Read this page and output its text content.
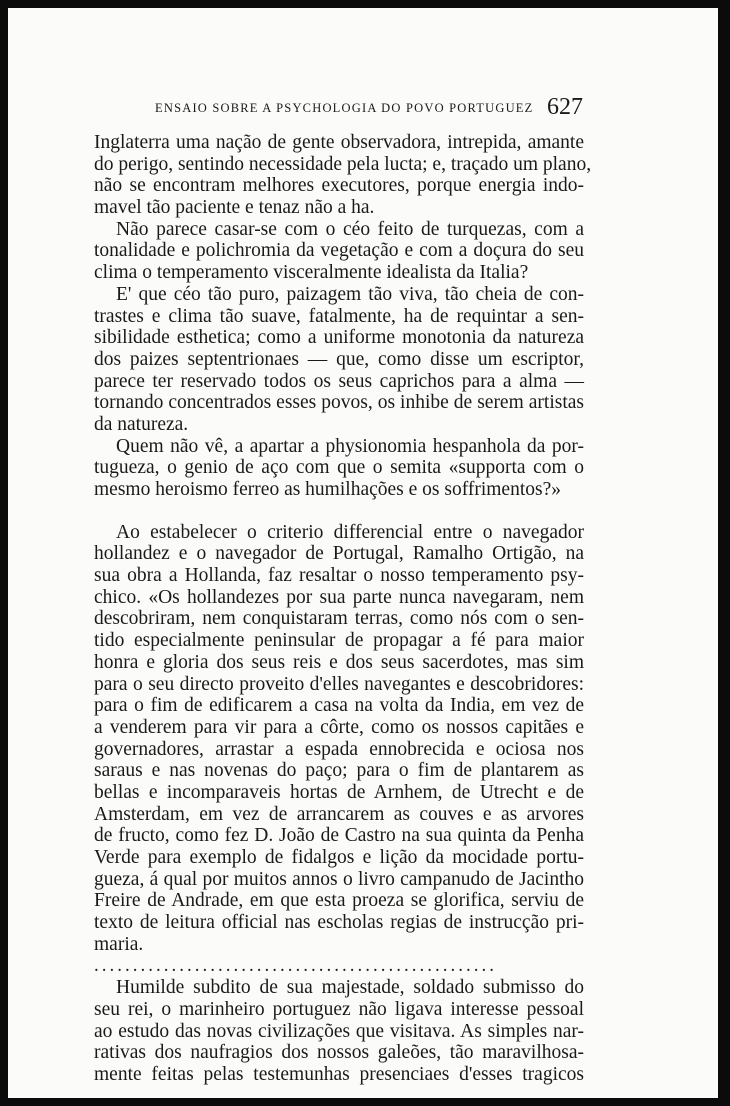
ENSAIO SOBRE A PSYCHOLOGIA DO POVO PORTUGUEZ 627
Inglaterra uma nação de gente observadora, intrepida, amante
do perigo, sentindo necessidade pela lucta; e, traçado um plano,
não se encontram melhores executores, porque energia indo-
mavel tão paciente e tenaz não a ha.
Não parece casar-se com o céo feito de turquezas, com a
tonalidade e polichromia da vegetação e com a doçura do seu
clima o temperamento visceralmente idealista da Italia?
E' que céo tão puro, paizagem tão viva, tão cheia de con-
trastes e clima tão suave, fatalmente, ha de requintar a sen-
sibilidade esthetica; como a uniforme monotonia da natureza
dos paizes septentrionaes — que, como disse um escriptor,
parece ter reservado todos os seus caprichos para a alma —
tornando concentrados esses povos, os inhibe de serem artistas
da natureza.
Quem não vê, a apartar a physionomia hespanhola da por-
tugueza, o genio de aço com que o semita «supporta com o
mesmo heroismo ferreo as humilhações e os soffrimentos?»
Ao estabelecer o criterio differencial entre o navegador
hollandez e o navegador de Portugal, Ramalho Ortigão, na
sua obra a Hollanda, faz resaltar o nosso temperamento psy-
chico. «Os hollandezes por sua parte nunca navegaram, nem
descobriram, nem conquistaram terras, como nós com o sen-
tido especialmente peninsular de propagar a fé para maior
honra e gloria dos seus reis e dos seus sacerdotes, mas sim
para o seu directo proveito d'elles navegantes e descobridores:
para o fim de edificarem a casa na volta da India, em vez de
a venderem para vir para a côrte, como os nossos capitães e
governadores, arrastar a espada ennobrecida e ociosa nos
saraus e nas novenas do paço; para o fim de plantarem as
bellas e incomparaveis hortas de Arnhem, de Utrecht e de
Amsterdam, em vez de arrancarem as couves e as arvores
de fructo, como fez D. João de Castro na sua quinta da Penha
Verde para exemplo de fidalgos e lição da mocidade portu-
gueza, á qual por muitos annos o livro campanudo de Jacintho
Freire de Andrade, em que esta proeza se glorifica, serviu de
texto de leitura official nas escholas regias de instrucção pri-
maria.
....................................................
Humilde subdito de sua majestade, soldado submisso do
seu rei, o marinheiro portuguez não ligava interesse pessoal
ao estudo das novas civilizações que visitava. As simples nar-
rativas dos naufragios dos nossos galeões, tão maravilhosa-
mente feitas pelas testemunhas presenciaes d'esses tragicos
